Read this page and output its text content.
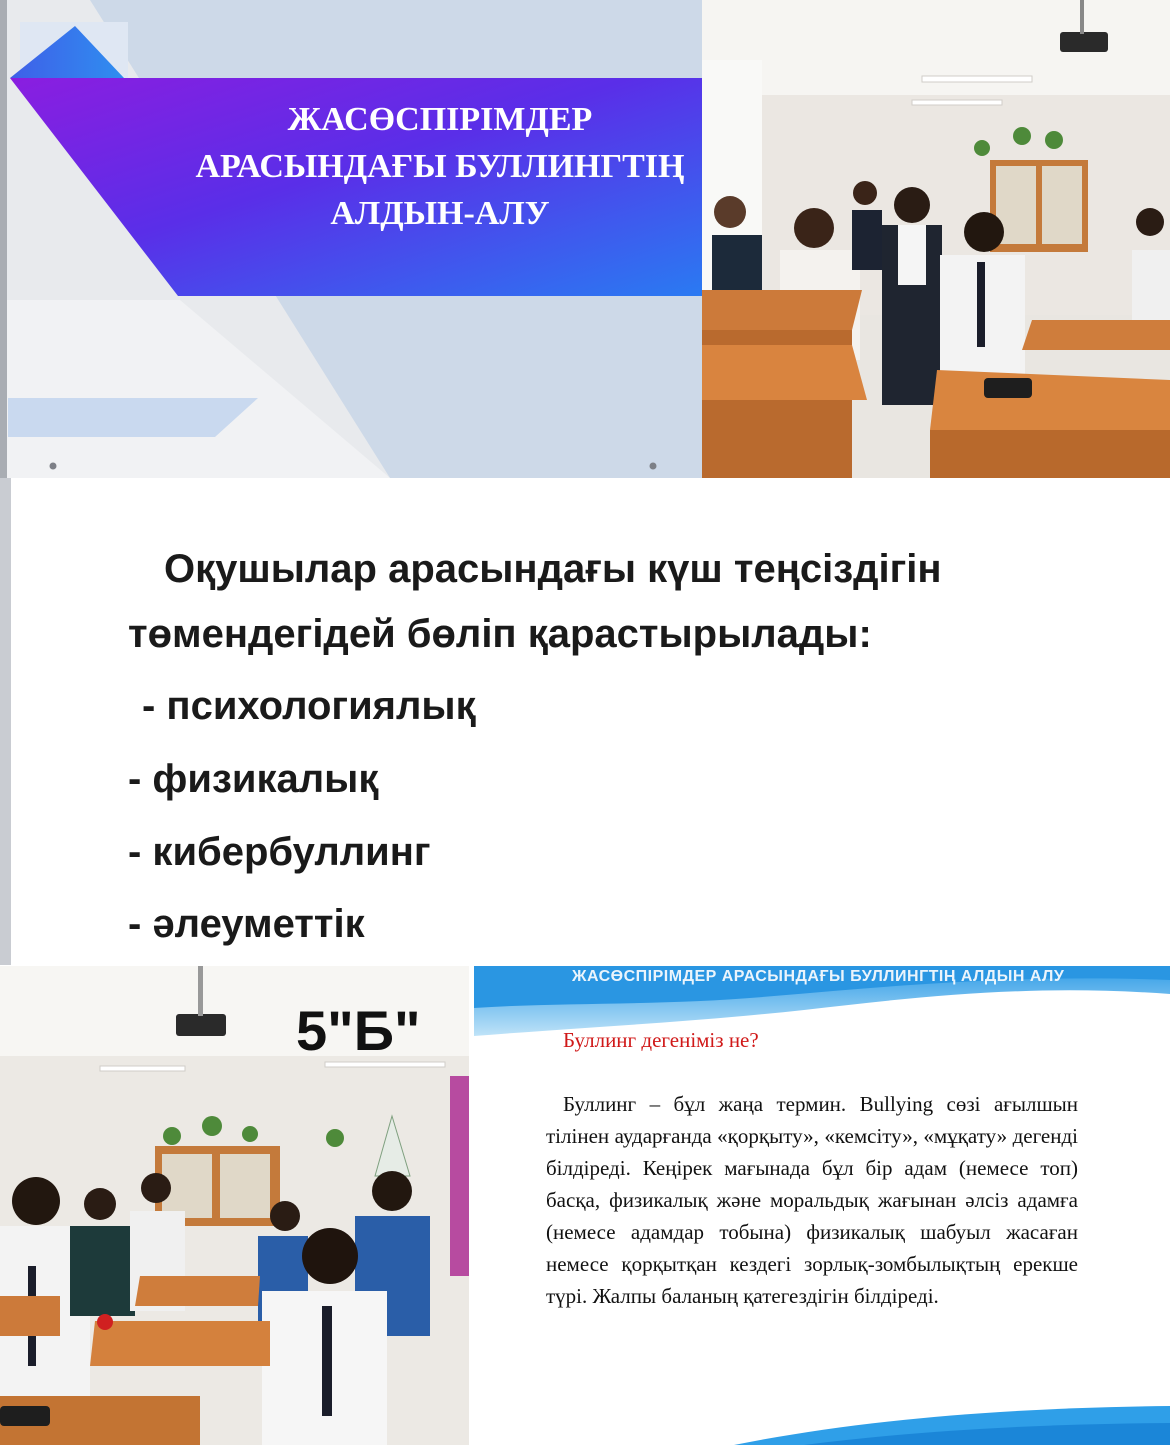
ЖАСӨСПІРІМДЕР
АРАСЫНДАҒЫ БУЛЛИНГТІҢ
АЛДЫН-АЛУ
Оқушылар арасындағы күш теңсіздігін
төмендегідей бөліп қарастырылады:
- психологиялық
- физикалық
- кибербуллинг
- әлеуметтік
5"Б"
ЖАСӨСПІРІМДЕР АРАСЫНДАҒЫ БУЛЛИНГТІҢ АЛДЫН АЛУ
Буллинг дегеніміз не?
Буллинг – бұл жаңа термин. Bullying сөзі ағылшын тілінен аударғанда «қорқыту», «кемсіту», «мұқату» дегенді білдіреді. Кеңірек мағынада бұл бір адам (немесе топ) басқа, физикалық және моральдық жағынан әлсіз адамға (немесе адамдар тобына) физикалық шабуыл жасаған немесе қорқытқан кездегі зорлық-зомбылықтың ерекше түрі. Жалпы баланың қатегездігін білдіреді.
